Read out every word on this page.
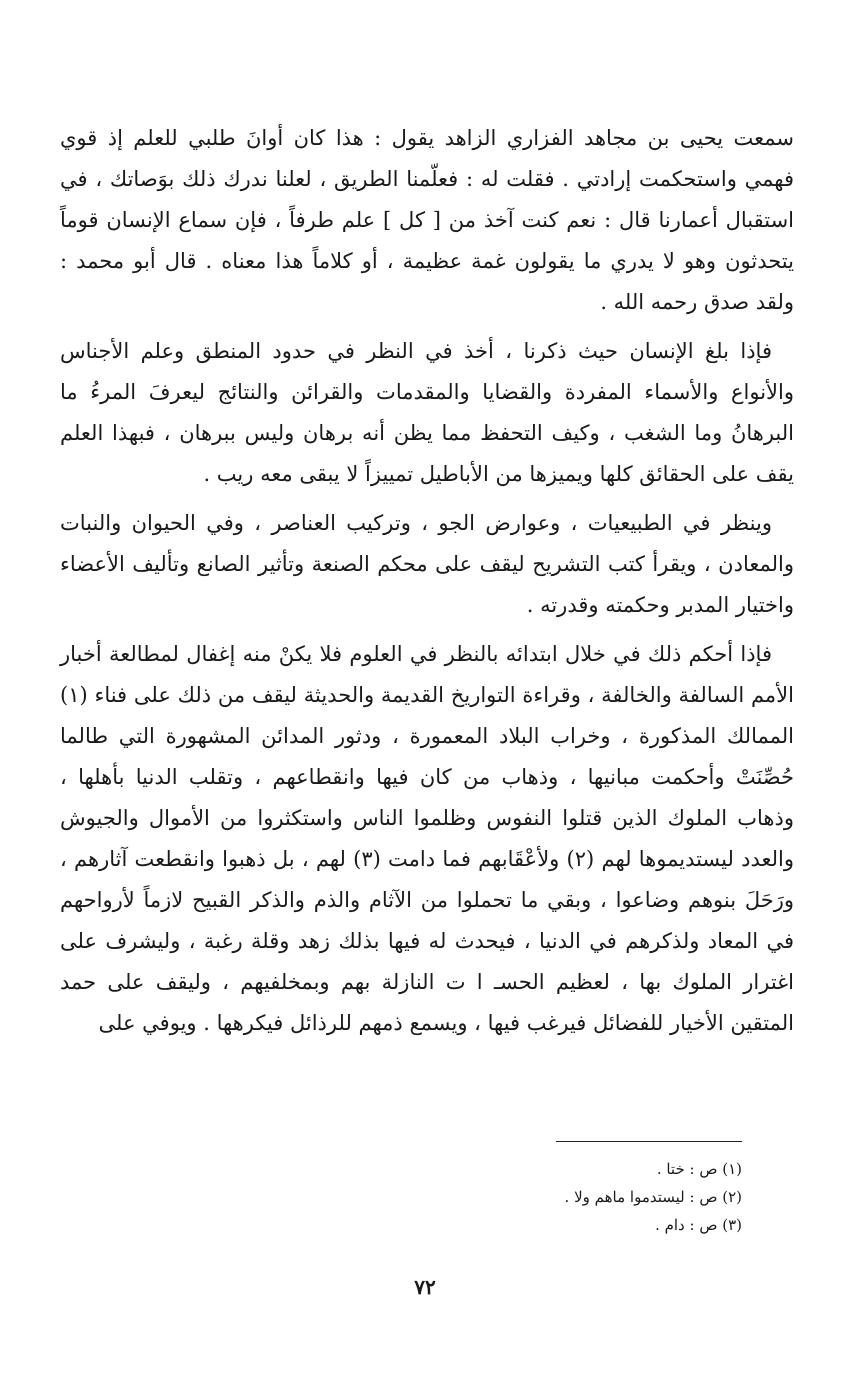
سمعت يحيى بن مجاهد الفزاري الزاهد يقول : هذا كان أوانَ طلبي للعلم إذ قوي فهمي واستحكمت إرادتي . فقلت له : فعلّمنا الطريق ، لعلنا ندرك ذلك بوَصاتك ، في استقبال أعمارنا قال : نعم كنت آخذ من [ كل ] علم طرفاً ، فإن سماع الإنسان قوماً يتحدثون وهو لا يدري ما يقولون غمة عظيمة ، أو كلاماً هذا معناه . قال أبو محمد : ولقد صدق رحمه الله .

فإذا بلغ الإنسان حيث ذكرنا ، أخذ في النظر في حدود المنطق وعلم الأجناس والأنواع والأسماء المفردة والقضايا والمقدمات والقرائن والنتائج ليعرفَ المرءُ ما البرهانُ وما الشغب ، وكيف التحفظ مما يظن أنه برهان وليس ببرهان ، فبهذا العلم يقف على الحقائق كلها ويميزها من الأباطيل تمييزاً لا يبقى معه ريب .

وينظر في الطبيعيات ، وعوارض الجو ، وتركيب العناصر ، وفي الحيوان والنبات والمعادن ، ويقرأ كتب التشريح ليقف على محكم الصنعة وتأثير الصانع وتأليف الأعضاء واختيار المدبر وحكمته وقدرته .

فإذا أحكم ذلك في خلال ابتدائه بالنظر في العلوم فلا يكنْ منه إغفال لمطالعة أخبار الأمم السالفة والخالفة ، وقراءة التواريخ القديمة والحديثة ليقف من ذلك على فناء (١) الممالك المذكورة ، وخراب البلاد المعمورة ، ودثور المدائن المشهورة التي طالما حُصِّنَتْ وأحكمت مبانيها ، وذهاب من كان فيها وانقطاعهم ، وتقلب الدنيا بأهلها ، وذهاب الملوك الذين قتلوا النفوس وظلموا الناس واستكثروا من الأموال والجيوش والعدد ليستديموها لهم (٢) ولأعْقَابهم فما دامت (٣) لهم ، بل ذهبوا وانقطعت آثارهم ، ورَحَلَ بنوهم وضاعوا ، وبقي ما تحملوا من الآثام والذم والذكر القبيح لازماً لأرواحهم في المعاد ولذكرهم في الدنيا ، فيحدث له فيها بذلك زهد وقلة رغبة ، وليشرف على اغترار الملوك بها ، لعظيم الحسـ ا ت النازلة بهم وبمخلفيهم ، وليقف على حمد المتقين الأخيار للفضائل فيرغب فيها ، ويسمع ذمهم للرذائل فيكرهها . ويوفي على

(١) ص : ختا .

(٢) ص : ليستدموا ماهم ولا .

(٣) ص : دام .

٧٢
